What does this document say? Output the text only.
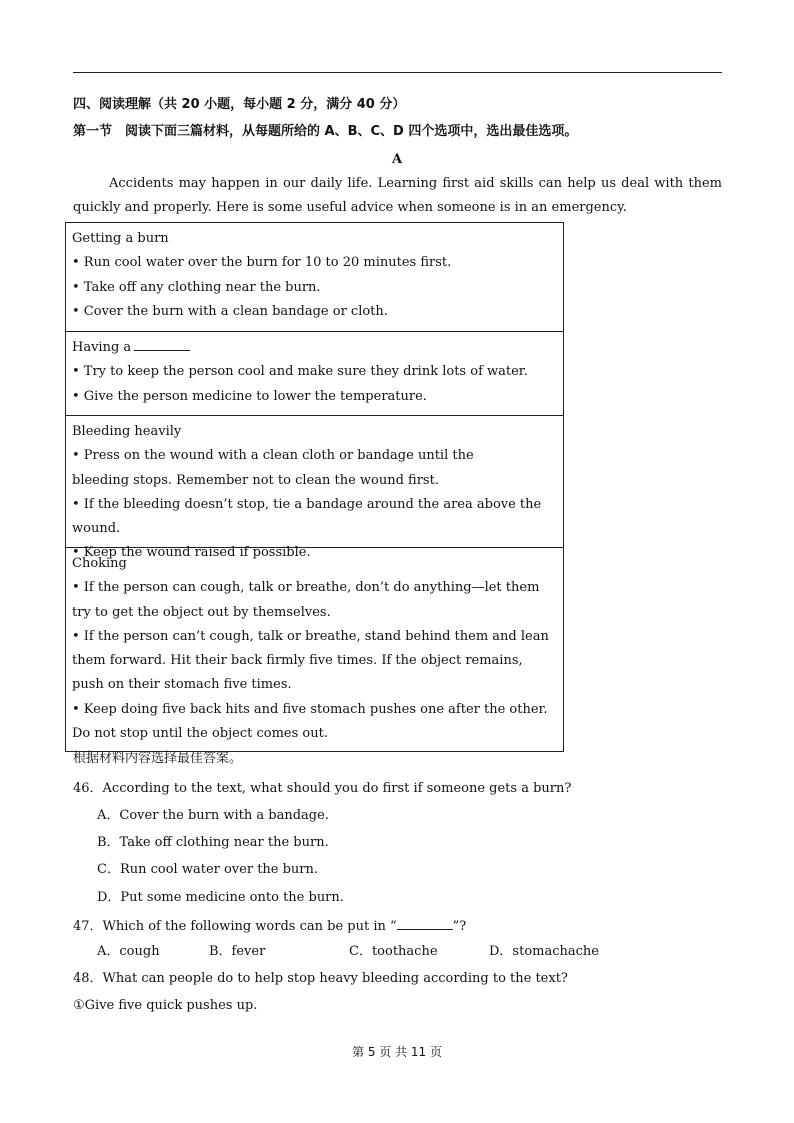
四、阅读理解（共 20 小题，每小题 2 分，满分 40 分）
第一节　阅读下面三篇材料，从每题所给的 A、B、C、D 四个选项中，选出最佳选项。
A
Accidents may happen in our daily life. Learning first aid skills can help us deal with them quickly and properly. Here is some useful advice when someone is in an emergency.
Getting a burn
• Run cool water over the burn for 10 to 20 minutes first.
• Take off any clothing near the burn.
• Cover the burn with a clean bandage or cloth.
Having a
• Try to keep the person cool and make sure they drink lots of water.
• Give the person medicine to lower the temperature.
Bleeding heavily
• Press on the wound with a clean cloth or bandage until the bleeding stops. Remember not to clean the wound first.
• If the bleeding doesn’t stop, tie a bandage around the area above the wound.
• Keep the wound raised if possible.
Choking
• If the person can cough, talk or breathe, don’t do anything—let them try to get the object out by themselves.
• If the person can’t cough, talk or breathe, stand behind them and lean them forward. Hit their back firmly five times. If the object remains, push on their stomach five times.
• Keep doing five back hits and five stomach pushes one after the other. Do not stop until the object comes out.
根据材料内容选择最佳答案。
46．According to the text, what should you do first if someone gets a burn?
A．Cover the burn with a bandage.
B．Take off clothing near the burn.
C．Run cool water over the burn.
D．Put some medicine onto the burn.
47．Which of the following words can be put in “	”?
A．cough	B．fever	C．toothache	D．stomachache
48．What can people do to help stop heavy bleeding according to the text?
①Give five quick pushes up.
第 5 页 共 11 页
